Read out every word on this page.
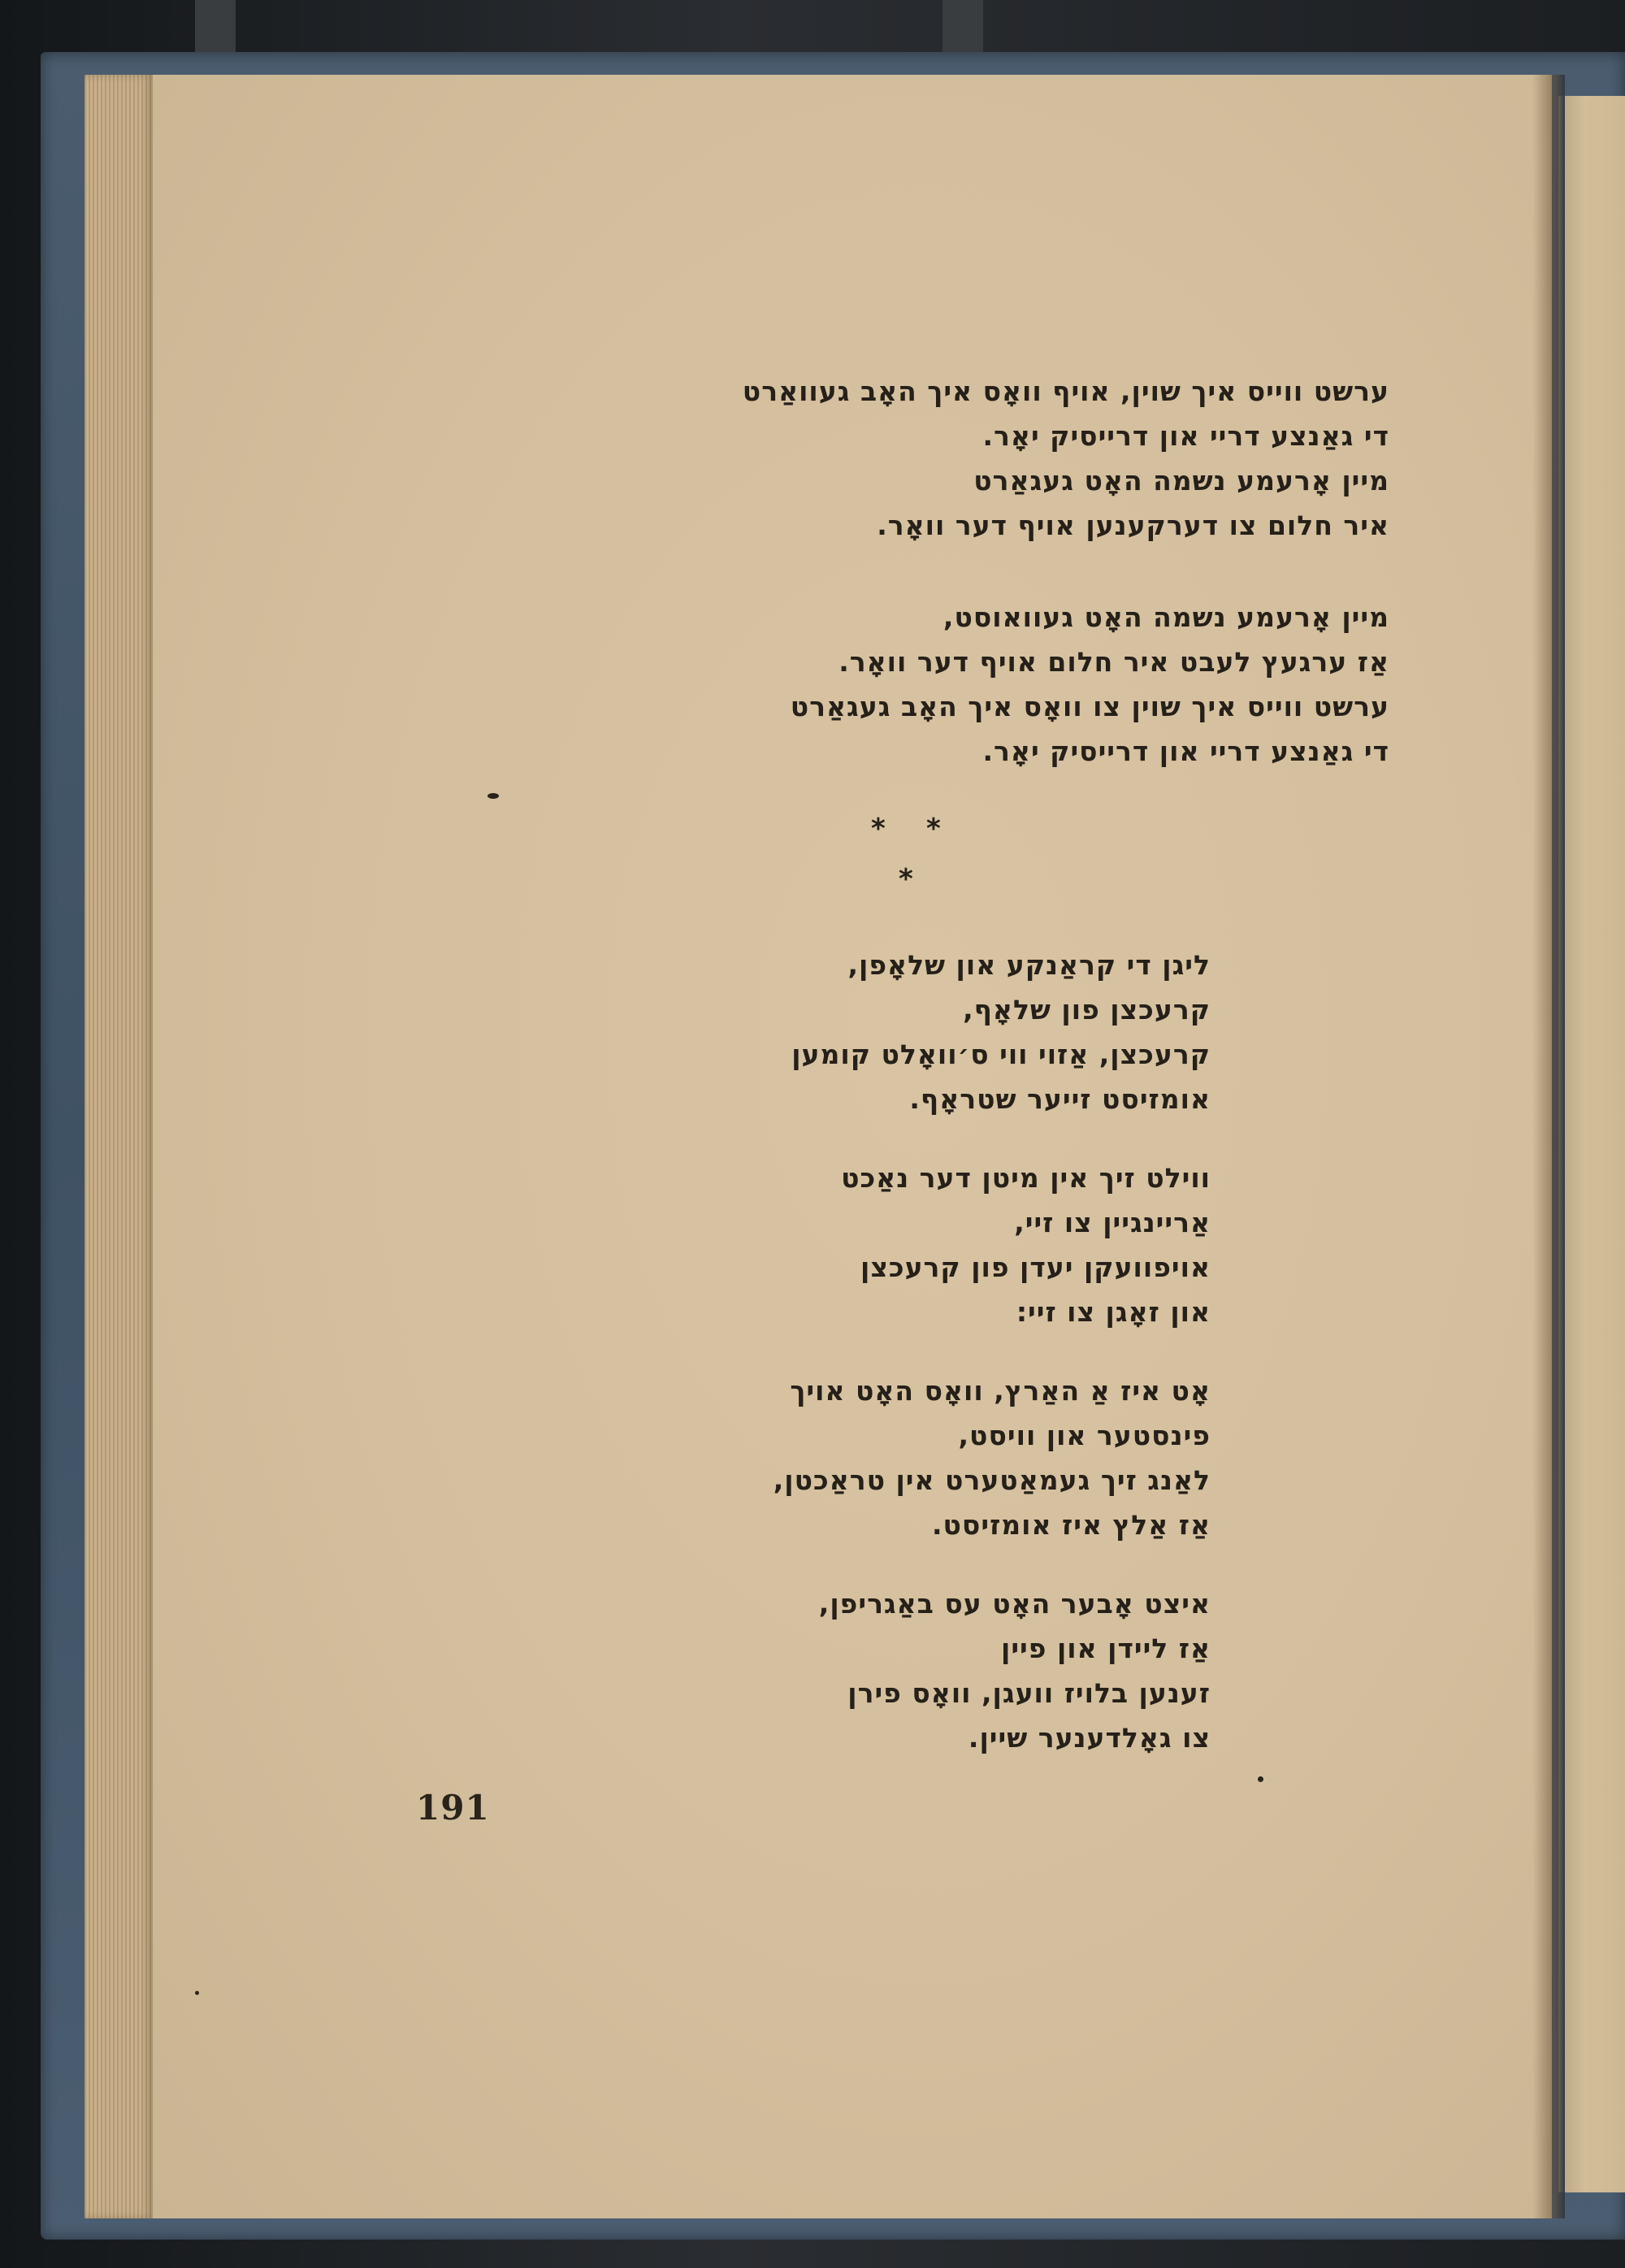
ערשט ווייס איך שוין, אויף וואָס איך האָב געוואַרט
די גאַנצע דריי און דרייסיק יאָר.
מיין אָרעמע נשמה האָט געגאַרט
איר חלום צו דערקענען אויף דער וואָר.
מיין אָרעמע נשמה האָט געוואוסט,
אַז ערגעץ לעבט איר חלום אויף דער וואָר.
ערשט ווייס איך שוין צו וואָס איך האָב געגאַרט
די גאַנצע דריי און דרייסיק יאָר.
* *
*
ליגן די קראַנקע און שלאָפן,
קרעכצן פון שלאָף,
קרעכצן, אַזוי ווי ס׳וואָלט קומען
אומזיסט זייער שטראָף.
ווילט זיך אין מיטן דער נאַכט
אַריינגיין צו זיי,
אויפוועקן יעדן פון קרעכצן
און זאָגן צו זיי:
אָט איז אַ האַרץ, וואָס האָט אויך
פינסטער און וויסט,
לאַנג זיך געמאַטערט אין טראַכטן,
אַז אַלץ איז אומזיסט.
איצט אָבער האָט עס באַגריפן,
אַז ליידן און פיין
זענען בלויז וועגן, וואָס פירן
צו גאָלדענער שיין.
191
